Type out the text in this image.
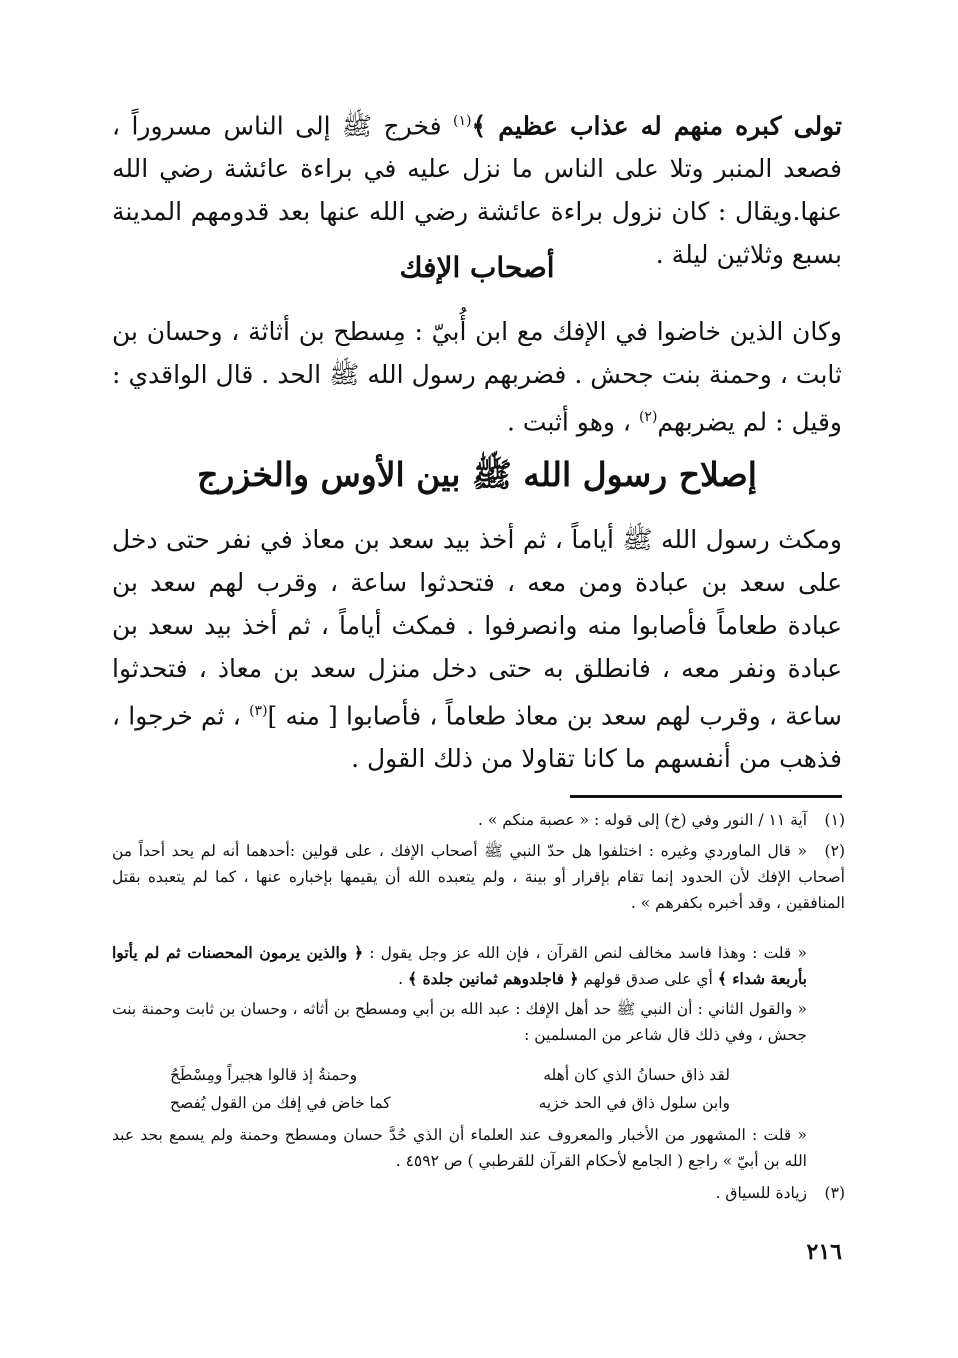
تولى كبره منهم له عذاب عظيم ﴾$^{(١)}$ فخرج ﷺ إلى الناس مسروراً ، فصعد المنبر وتلا على الناس ما نزل عليه في براءة عائشة رضي الله عنها.ويقال : كان نزول براءة عائشة رضي الله عنها بعد قدومهم المدينة بسبع وثلاثين ليلة .

أصحاب الإفك

وكان الذين خاضوا في الإفك مع ابن أُبيّ : مِسطح بن أثاثة ، وحسان بن ثابت ، وحمنة بنت جحش . فضربهم رسول الله ﷺ الحد . قال الواقدي : وقيل : لم يضربهم$^{(٢)}$ ، وهو أثبت .

إصلاح رسول الله ﷺ بين الأوس والخزرج

ومكث رسول الله ﷺ أياماً ، ثم أخذ بيد سعد بن معاذ في نفر حتى دخل على سعد بن عبادة ومن معه ، فتحدثوا ساعة ، وقرب لهم سعد بن عبادة طعاماً فأصابوا منه وانصرفوا . فمكث أياماً ، ثم أخذ بيد سعد بن عبادة ونفر معه ، فانطلق به حتى دخل منزل سعد بن معاذ ، فتحدثوا ساعة ، وقرب لهم سعد بن معاذ طعاماً ، فأصابوا [ منه ]$^{(٣)}$ ، ثم خرجوا ، فذهب من أنفسهم ما كانا تقاولا من ذلك القول .

(١)آية ١١ / النور وفي (خ) إلى قوله : « عصبة منكم » .
(٢)« قال الماوردي وغيره : اختلفوا هل حدّ النبي ﷺ أصحاب الإفك ، على قولين :أحدهما أنه لم يحد أحداً من أصحاب الإفك لأن الحدود إنما تقام بإقرار أو بينة ، ولم يتعبده الله أن يقيمها بإخباره عنها ، كما لم يتعبده بقتل المنافقين ، وقد أخبره بكفرهم » .
« قلت : وهذا فاسد مخالف لنص القرآن ، فإن الله عز وجل يقول : ﴿ والذين يرمون المحصنات ثم لم يأتوا بأربعة شداء ﴾ أي على صدق قولهم ﴿ فاجلدوهم ثمانين جلدة ﴾ .
« والقول الثاني : أن النبي ﷺ حد أهل الإفك : عبد الله بن أبي ومسطح بن أثاثه ، وحسان بن ثابت وحمنة بنت جحش ، وفي ذلك قال شاعر من المسلمين :
لقد ذاق حسانُ الذي كان أهله
وحمنةُ إذ قالوا هجيراً ومِسْطَحُ
وابن سلول ذاق في الحد خزيه
كما خاض في إفك من القول يُفصح
« قلت : المشهور من الأخبار والمعروف عند العلماء أن الذي حُدَّ حسان ومسطح وحمنة ولم يسمع بحد عبد الله بن أبيّ » راجع ( الجامع لأحكام القرآن للقرطبي ) ص ٤٥٩٢ .
(٣)زيادة للسياق .
٢١٦
